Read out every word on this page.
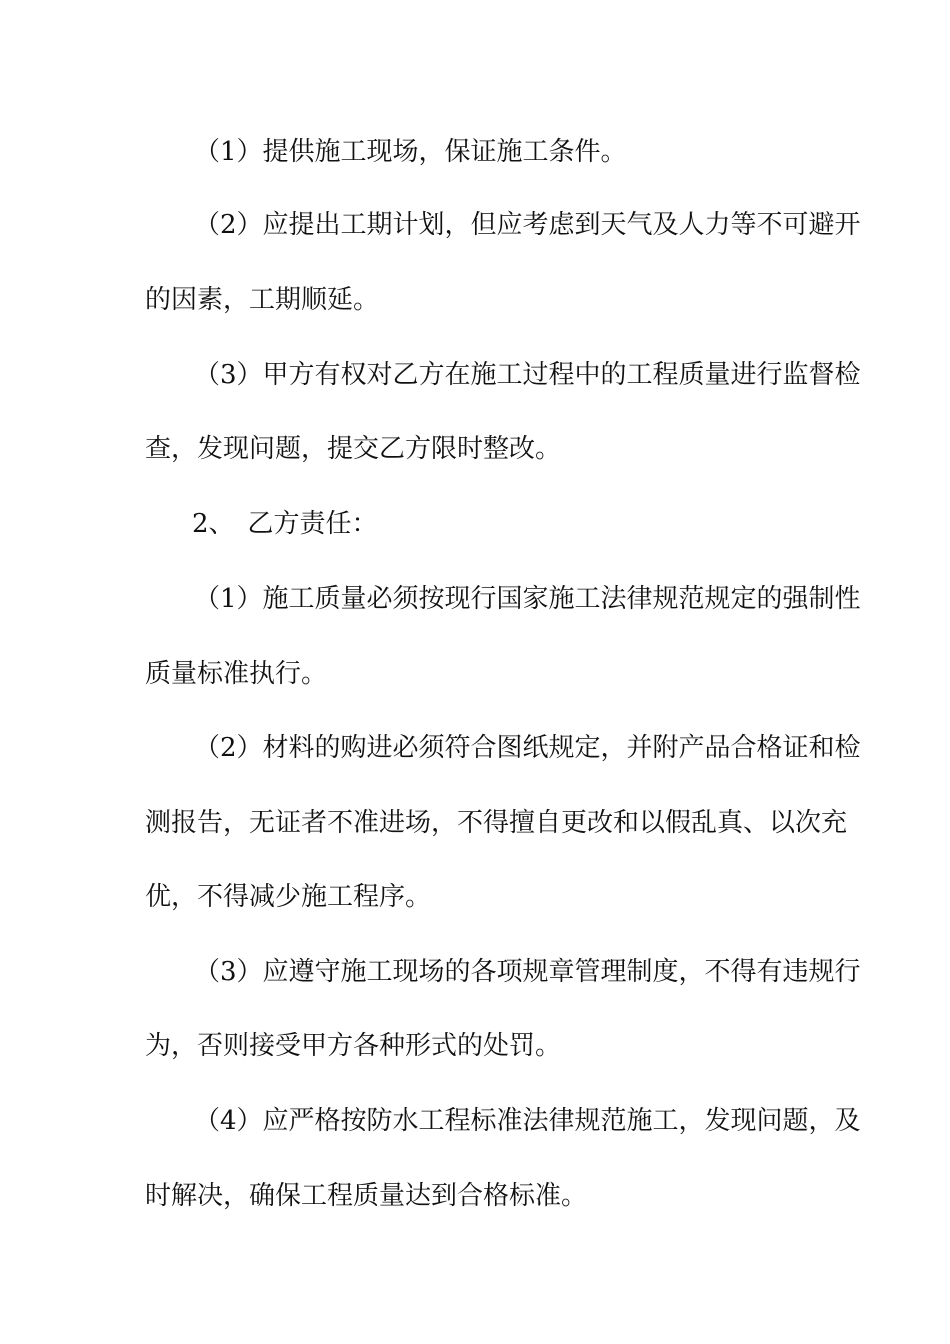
（1）提供施工现场，保证施工条件。
（2）应提出工期计划，但应考虑到天气及人力等不可避开
的因素，工期顺延。
（3）甲方有权对乙方在施工过程中的工程质量进行监督检
查，发现问题，提交乙方限时整改。
2、　乙方责任：
（1）施工质量必须按现行国家施工法律规范规定的强制性
质量标准执行。
（2）材料的购进必须符合图纸规定，并附产品合格证和检
测报告，无证者不准进场，不得擅自更改和以假乱真、以次充
优，不得减少施工程序。
（3）应遵守施工现场的各项规章管理制度，不得有违规行
为，否则接受甲方各种形式的处罚。
（4）应严格按防水工程标准法律规范施工，发现问题，及
时解决，确保工程质量达到合格标准。
